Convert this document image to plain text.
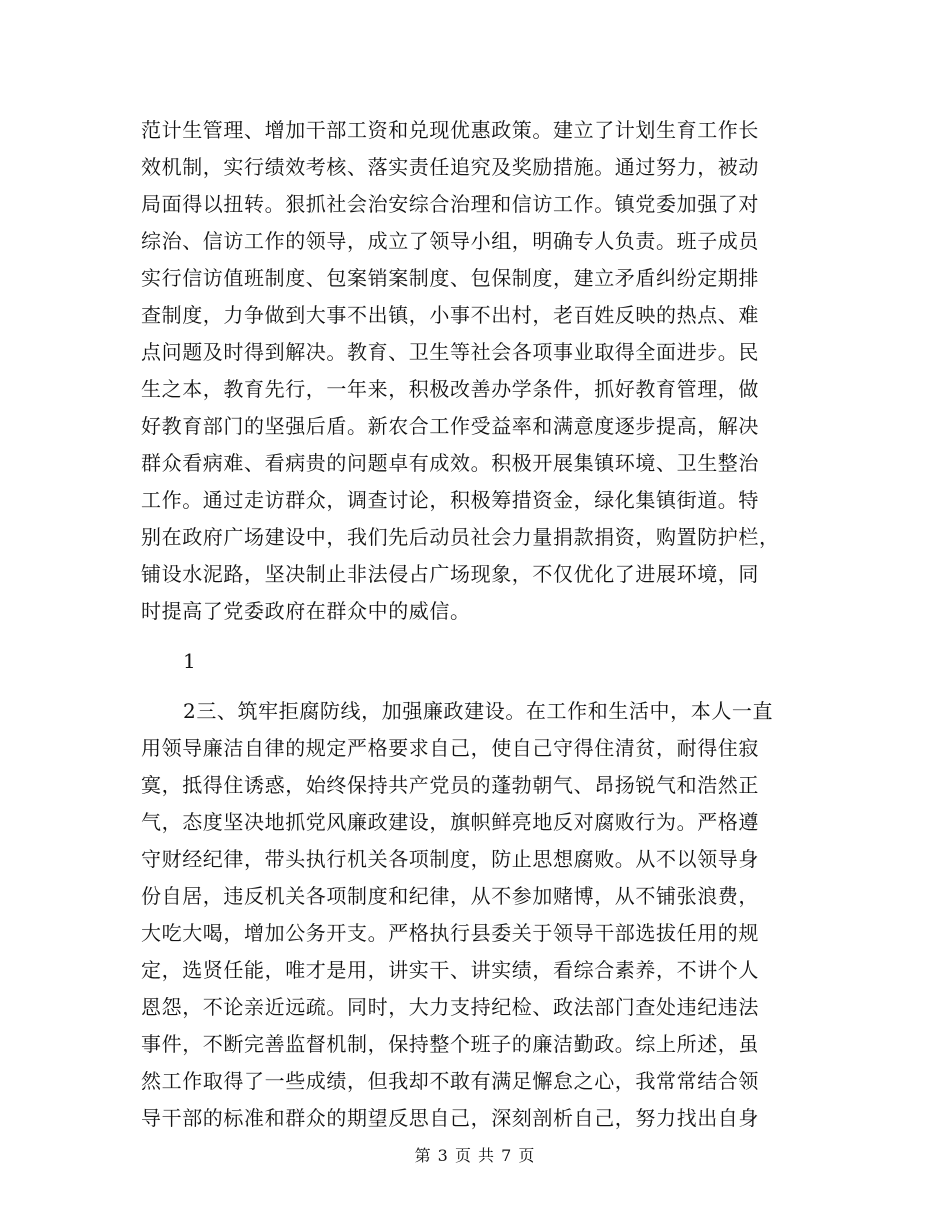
范计生管理、增加干部工资和兑现优惠政策。建立了计划生育工作长
效机制，实行绩效考核、落实责任追究及奖励措施。通过努力，被动
局面得以扭转。狠抓社会治安综合治理和信访工作。镇党委加强了对
综治、信访工作的领导，成立了领导小组，明确专人负责。班子成员
实行信访值班制度、包案销案制度、包保制度，建立矛盾纠纷定期排
查制度，力争做到大事不出镇，小事不出村，老百姓反映的热点、难
点问题及时得到解决。教育、卫生等社会各项事业取得全面进步。民
生之本，教育先行，一年来，积极改善办学条件，抓好教育管理，做
好教育部门的坚强后盾。新农合工作受益率和满意度逐步提高，解决
群众看病难、看病贵的问题卓有成效。积极开展集镇环境、卫生整治
工作。通过走访群众，调查讨论，积极筹措资金，绿化集镇街道。特
别在政府广场建设中，我们先后动员社会力量捐款捐资，购置防护栏，
铺设水泥路，坚决制止非法侵占广场现象，不仅优化了进展环境，同
时提高了党委政府在群众中的威信。
1
2三、筑牢拒腐防线，加强廉政建设。在工作和生活中，本人一直
用领导廉洁自律的规定严格要求自己，使自己守得住清贫，耐得住寂
寞，抵得住诱惑，始终保持共产党员的蓬勃朝气、昂扬锐气和浩然正
气，态度坚决地抓党风廉政建设，旗帜鲜亮地反对腐败行为。严格遵
守财经纪律，带头执行机关各项制度，防止思想腐败。从不以领导身
份自居，违反机关各项制度和纪律，从不参加赌博，从不铺张浪费，
大吃大喝，增加公务开支。严格执行县委关于领导干部选拔任用的规
定，选贤任能，唯才是用，讲实干、讲实绩，看综合素养，不讲个人
恩怨，不论亲近远疏。同时，大力支持纪检、政法部门查处违纪违法
事件，不断完善监督机制，保持整个班子的廉洁勤政。综上所述，虽
然工作取得了一些成绩，但我却不敢有满足懈怠之心，我常常结合领
导干部的标准和群众的期望反思自己，深刻剖析自己，努力找出自身
第 3 页 共 7 页
